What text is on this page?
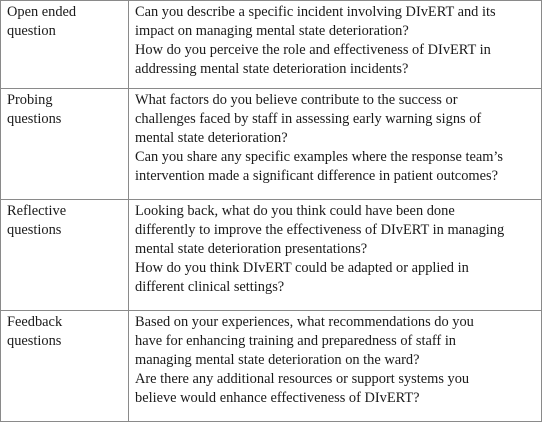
Open ended
question	Can you describe a specific incident involving DIvERT and its
impact on managing mental state deterioration?
How do you perceive the role and effectiveness of DIvERT in
addressing mental state deterioration incidents?

Probing
questions	What factors do you believe contribute to the success or
challenges faced by staff in assessing early warning signs of
mental state deterioration?
Can you share any specific examples where the response team’s
intervention made a significant difference in patient outcomes?

Reflective
questions	Looking back, what do you think could have been done
differently to improve the effectiveness of DIvERT in managing
mental state deterioration presentations?
How do you think DIvERT could be adapted or applied in
different clinical settings?

Feedback
questions	Based on your experiences, what recommendations do you
have for enhancing training and preparedness of staff in
managing mental state deterioration on the ward?
Are there any additional resources or support systems you
believe would enhance effectiveness of DIvERT?
